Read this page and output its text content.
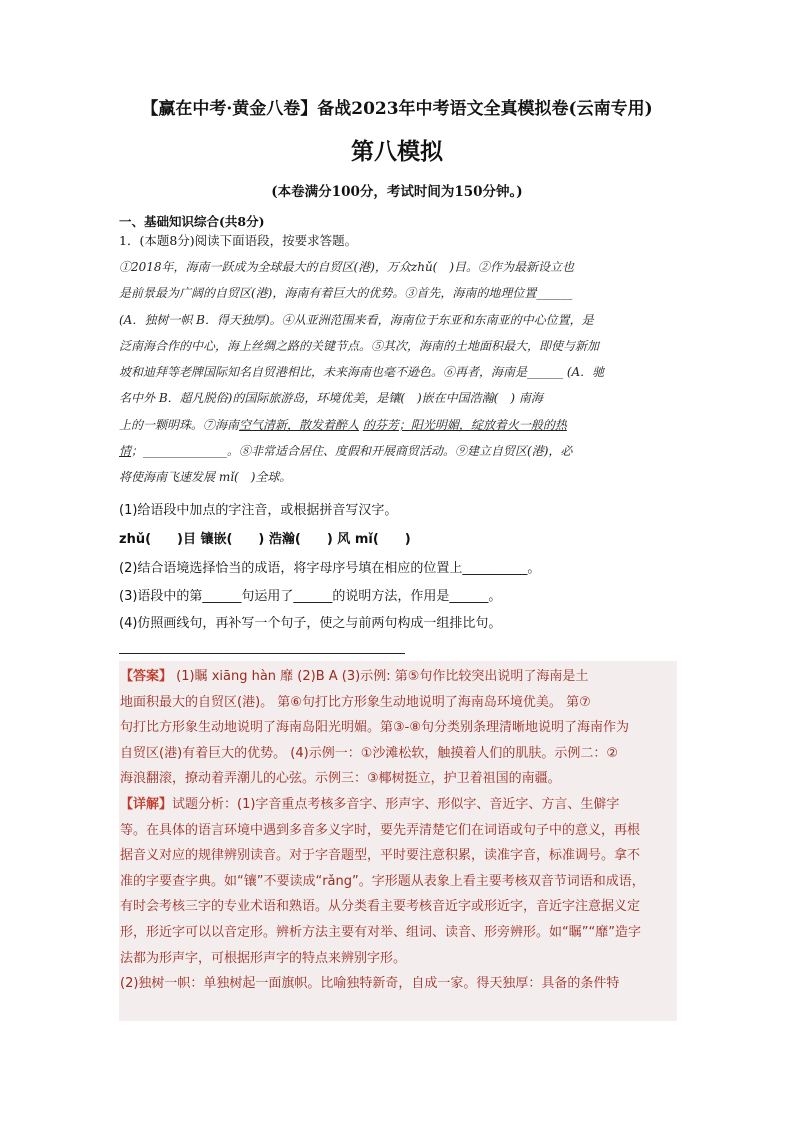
【赢在中考·黄金八卷】备战2023年中考语文全真模拟卷(云南专用)
第八模拟
(本卷满分100分，考试时间为150分钟。)
一、基础知识综合(共8分)
1．(本题8分)阅读下面语段，按要求答题。

①2018年，海南一跃成为全球最大的自贸区(港)，万众zhǔ(　)目。②作为最新设立也

是前景最为广阔的自贸区(港)，海南有着巨大的优势。③首先，海南的地理位置______

(A．独树一帜 B．得天独厚)。④从亚洲范围来看，海南位于东亚和东南亚的中心位置，是

泛南海合作的中心，海上丝绸之路的关键节点。⑤其次，海南的土地面积最大，即使与新加

坡和迪拜等老牌国际知名自贸港相比，未来海南也毫不逊色。⑥再者，海南是______ (A．驰

名中外 B．超凡脱俗)的国际旅游岛，环境优美，是镶(　)嵌在中国浩瀚(　) 南海

上的一颗明珠。⑦海南空气清新，散发着醉人 的芬芳；阳光明媚，绽放着火一般的热

情；______________。⑧非常适合居住、度假和开展商贸活动。⑨建立自贸区(港)，必

将使海南飞速发展 mǐ(　)全球。

(1)给语段中加点的字注音，或根据拼音写汉字。
zhǔ(　　)目 镶嵌(　　) 浩瀚(　　) 风 mǐ(　　)
(2)结合语境选择恰当的成语，将字母序号填在相应的位置上__________。
(3)语段中的第______句运用了______的说明方法，作用是______。
(4)仿照画线句，再补写一个句子，使之与前两句构成一组排比句。

【答案】 (1)瞩 xiāng hàn 靡 (2)B A (3)示例: 第⑤句作比较突出说明了海南是土

地面积最大的自贸区(港)。 第⑥句打比方形象生动地说明了海南岛环境优美。 第⑦

句打比方形象生动地说明了海南岛阳光明媚。第③-⑧句分类别条理清晰地说明了海南作为

自贸区(港)有着巨大的优势。 (4)示例一：①沙滩松软，触摸着人们的肌肤。示例二：②

海浪翻滚，撩动着弄潮儿的心弦。示例三：③椰树挺立，护卫着祖国的南疆。

【详解】试题分析：(1)字音重点考核多音字、形声字、形似字、音近字、方言、生僻字

等。在具体的语言环境中遇到多音多义字时，要先弄清楚它们在词语或句子中的意义，再根

据音义对应的规律辨别读音。对于字音题型，平时要注意积累，读准字音，标准调号。拿不

准的字要查字典。如“镶”不要读成“rǎng”。字形题从表象上看主要考核双音节词语和成语，

有时会考核三字的专业术语和熟语。从分类看主要考核音近字或形近字，音近字注意据义定

形，形近字可以以音定形。辨析方法主要有对举、组词、读音、形旁辨形。如“瞩”“靡”造字

法都为形声字，可根据形声字的特点来辨别字形。

(2)独树一帜：单独树起一面旗帜。比喻独特新奇，自成一家。得天独厚：具备的条件特
